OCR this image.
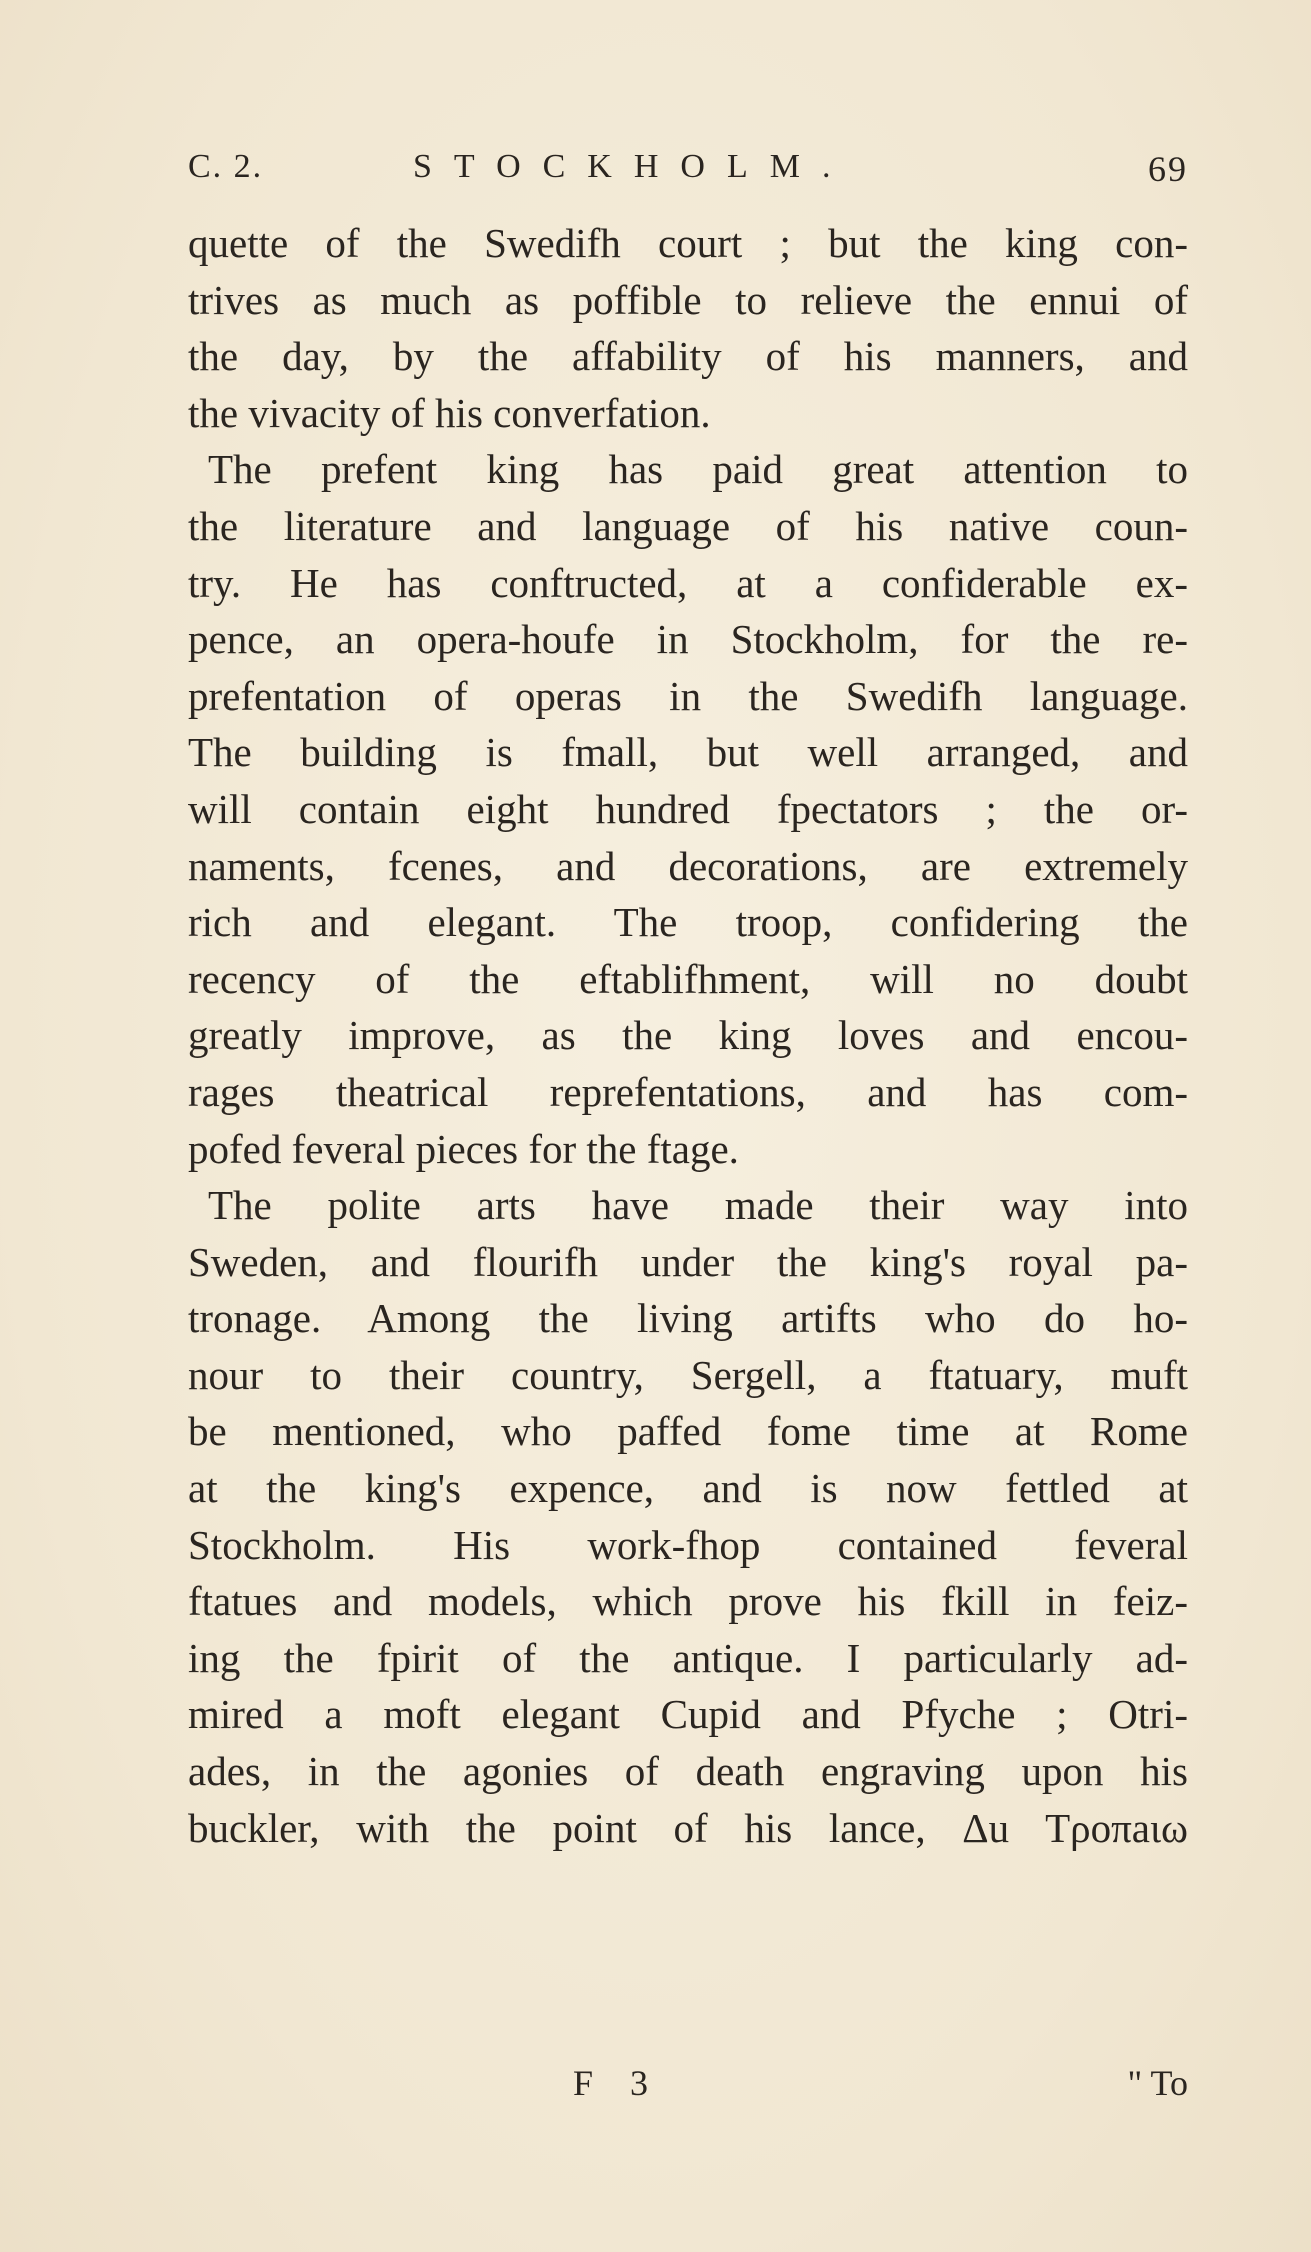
C. 2.	STOCKHOLM.	69
quette of the Swedifh court ; but the king con-
trives as much as poffible to relieve the ennui of
the day, by the affability of his manners, and
the vivacity of his converfation.
The prefent king has paid great attention to
the literature and language of his native coun-
try. He has conftructed, at a confiderable ex-
pence, an opera-houfe in Stockholm, for the re-
prefentation of operas in the Swedifh language.
The building is fmall, but well arranged, and
will contain eight hundred fpectators ; the or-
naments, fcenes, and decorations, are extremely
rich and elegant. The troop, confidering the
recency of the eftablifhment, will no doubt
greatly improve, as the king loves and encou-
rages theatrical reprefentations, and has com-
pofed feveral pieces for the ftage.
The polite arts have made their way into
Sweden, and flourifh under the king's royal pa-
tronage. Among the living artifts who do ho-
nour to their country, Sergell, a ftatuary, muft
be mentioned, who paffed fome time at Rome
at the king's expence, and is now fettled at
Stockholm. His work-fhop contained feveral
ftatues and models, which prove his fkill in feiz-
ing the fpirit of the antique. I particularly ad-
mired a moft elegant Cupid and Pfyche ; Otri-
ades, in the agonies of death engraving upon his
buckler, with the point of his lance, Δu Tρoπaιω
F 3	" To
